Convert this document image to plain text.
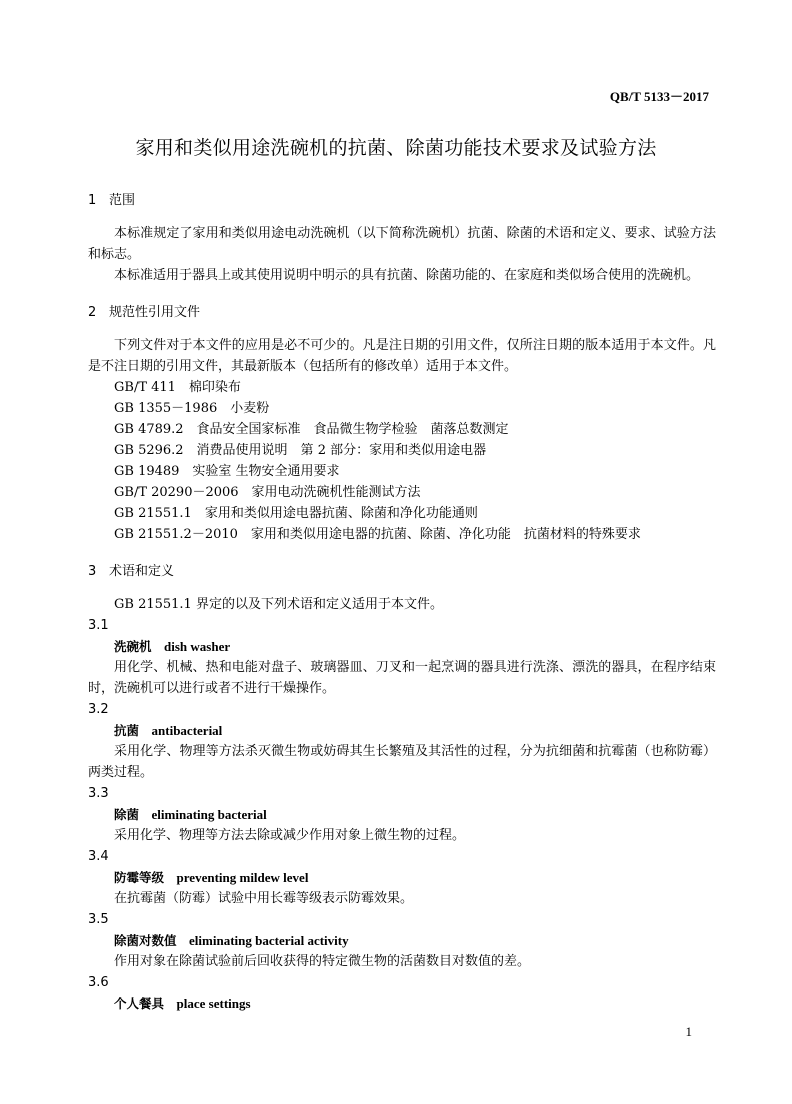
QB/T 5133－2017
家用和类似用途洗碗机的抗菌、除菌功能技术要求及试验方法
1 范围

本标准规定了家用和类似用途电动洗碗机（以下简称洗碗机）抗菌、除菌的术语和定义、要求、试验方法和标志。

本标准适用于器具上或其使用说明中明示的具有抗菌、除菌功能的、在家庭和类似场合使用的洗碗机。

2 规范性引用文件

下列文件对于本文件的应用是必不可少的。凡是注日期的引用文件，仅所注日期的版本适用于本文件。凡是不注日期的引用文件，其最新版本（包括所有的修改单）适用于本文件。

GB/T 411　棉印染布

GB 1355－1986　小麦粉

GB 4789.2　食品安全国家标准　食品微生物学检验　菌落总数测定

GB 5296.2　消费品使用说明　第 2 部分：家用和类似用途电器

GB 19489　实验室 生物安全通用要求

GB/T 20290－2006　家用电动洗碗机性能测试方法

GB 21551.1　家用和类似用途电器抗菌、除菌和净化功能通则

GB 21551.2－2010　家用和类似用途电器的抗菌、除菌、净化功能　抗菌材料的特殊要求

3 术语和定义

GB 21551.1 界定的以及下列术语和定义适用于本文件。

3.1

洗碗机　 dish washer

用化学、机械、热和电能对盘子、玻璃器皿、刀叉和一起烹调的器具进行洗涤、漂洗的器具，在程序结束时，洗碗机可以进行或者不进行干燥操作。

3.2

抗菌　 antibacterial

采用化学、物理等方法杀灭微生物或妨碍其生长繁殖及其活性的过程，分为抗细菌和抗霉菌（也称防霉）两类过程。

3.3

除菌　 eliminating bacterial

采用化学、物理等方法去除或减少作用对象上微生物的过程。

3.4

防霉等级　 preventing mildew level

在抗霉菌（防霉）试验中用长霉等级表示防霉效果。

3.5

除菌对数值　 eliminating bacterial activity

作用对象在除菌试验前后回收获得的特定微生物的活菌数目对数值的差。

3.6

个人餐具　 place settings

1
